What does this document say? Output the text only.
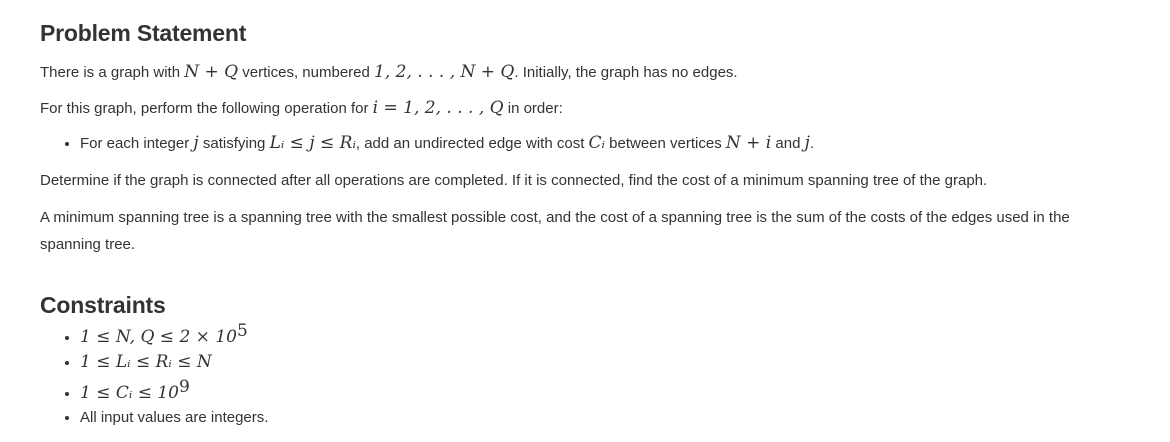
Problem Statement

There is a graph with N + Q vertices, numbered 1, 2, . . . , N + Q. Initially, the graph has no edges.

For this graph, perform the following operation for i = 1, 2, . . . , Q in order:

• For each integer j satisfying Lᵢ ≤ j ≤ Rᵢ, add an undirected edge with cost Cᵢ between vertices N + i and j.

Determine if the graph is connected after all operations are completed. If it is connected, find the cost of a minimum spanning tree of the graph.

A minimum spanning tree is a spanning tree with the smallest possible cost, and the cost of a spanning tree is the sum of the costs of the edges used in the spanning tree.

Constraints
• 1 ≤ N, $Q \le 2 \times 10^5$
• 1 ≤ Lᵢ ≤ Rᵢ ≤ N
• 1 ≤ Cᵢ ≤ $10^9$
• All input values are integers.
